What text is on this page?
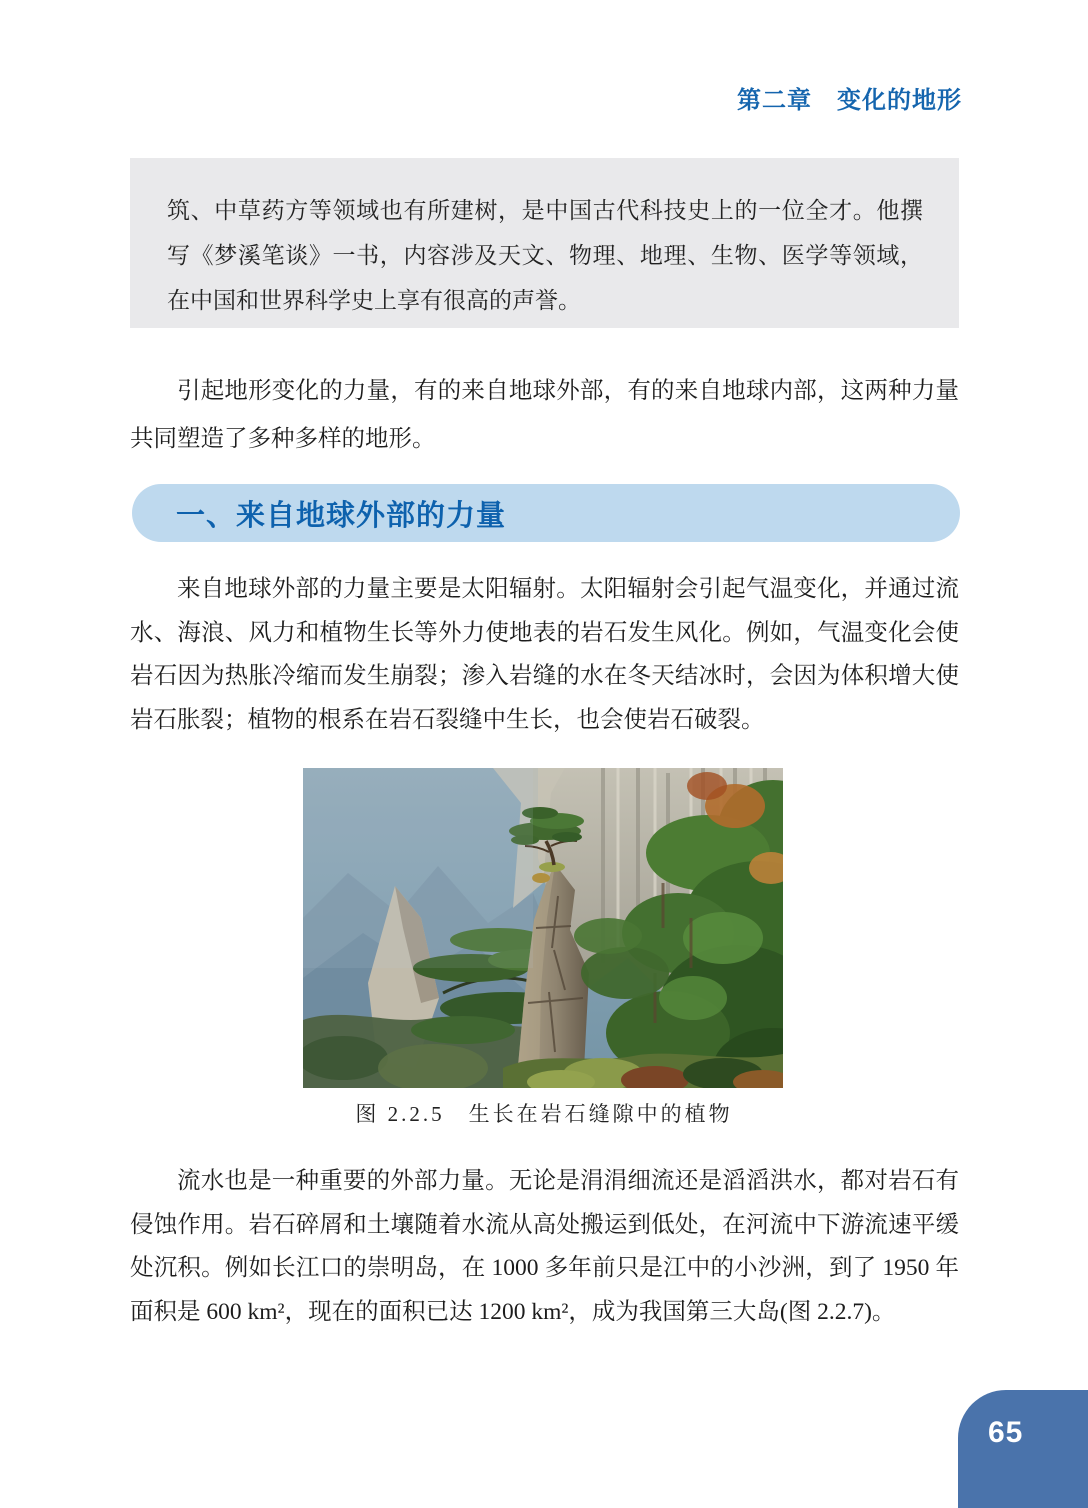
第二章　变化的地形

筑、中草药方等领域也有所建树，是中国古代科技史上的一位全才。他撰写《梦溪笔谈》一书，内容涉及天文、物理、地理、生物、医学等领域，在中国和世界科学史上享有很高的声誉。

引起地形变化的力量，有的来自地球外部，有的来自地球内部，这两种力量共同塑造了多种多样的地形。

一、来自地球外部的力量

来自地球外部的力量主要是太阳辐射。太阳辐射会引起气温变化，并通过流水、海浪、风力和植物生长等外力使地表的岩石发生风化。例如，气温变化会使岩石因为热胀冷缩而发生崩裂；渗入岩缝的水在冬天结冰时，会因为体积增大使岩石胀裂；植物的根系在岩石裂缝中生长，也会使岩石破裂。

图 2.2.5　生长在岩石缝隙中的植物

流水也是一种重要的外部力量。无论是涓涓细流还是滔滔洪水，都对岩石有侵蚀作用。岩石碎屑和土壤随着水流从高处搬运到低处，在河流中下游流速平缓处沉积。例如长江口的崇明岛，在 1000 多年前只是江中的小沙洲，到了 1950 年面积是 600 km²，现在的面积已达 1200 km²，成为我国第三大岛(图 2.2.7)。

65
